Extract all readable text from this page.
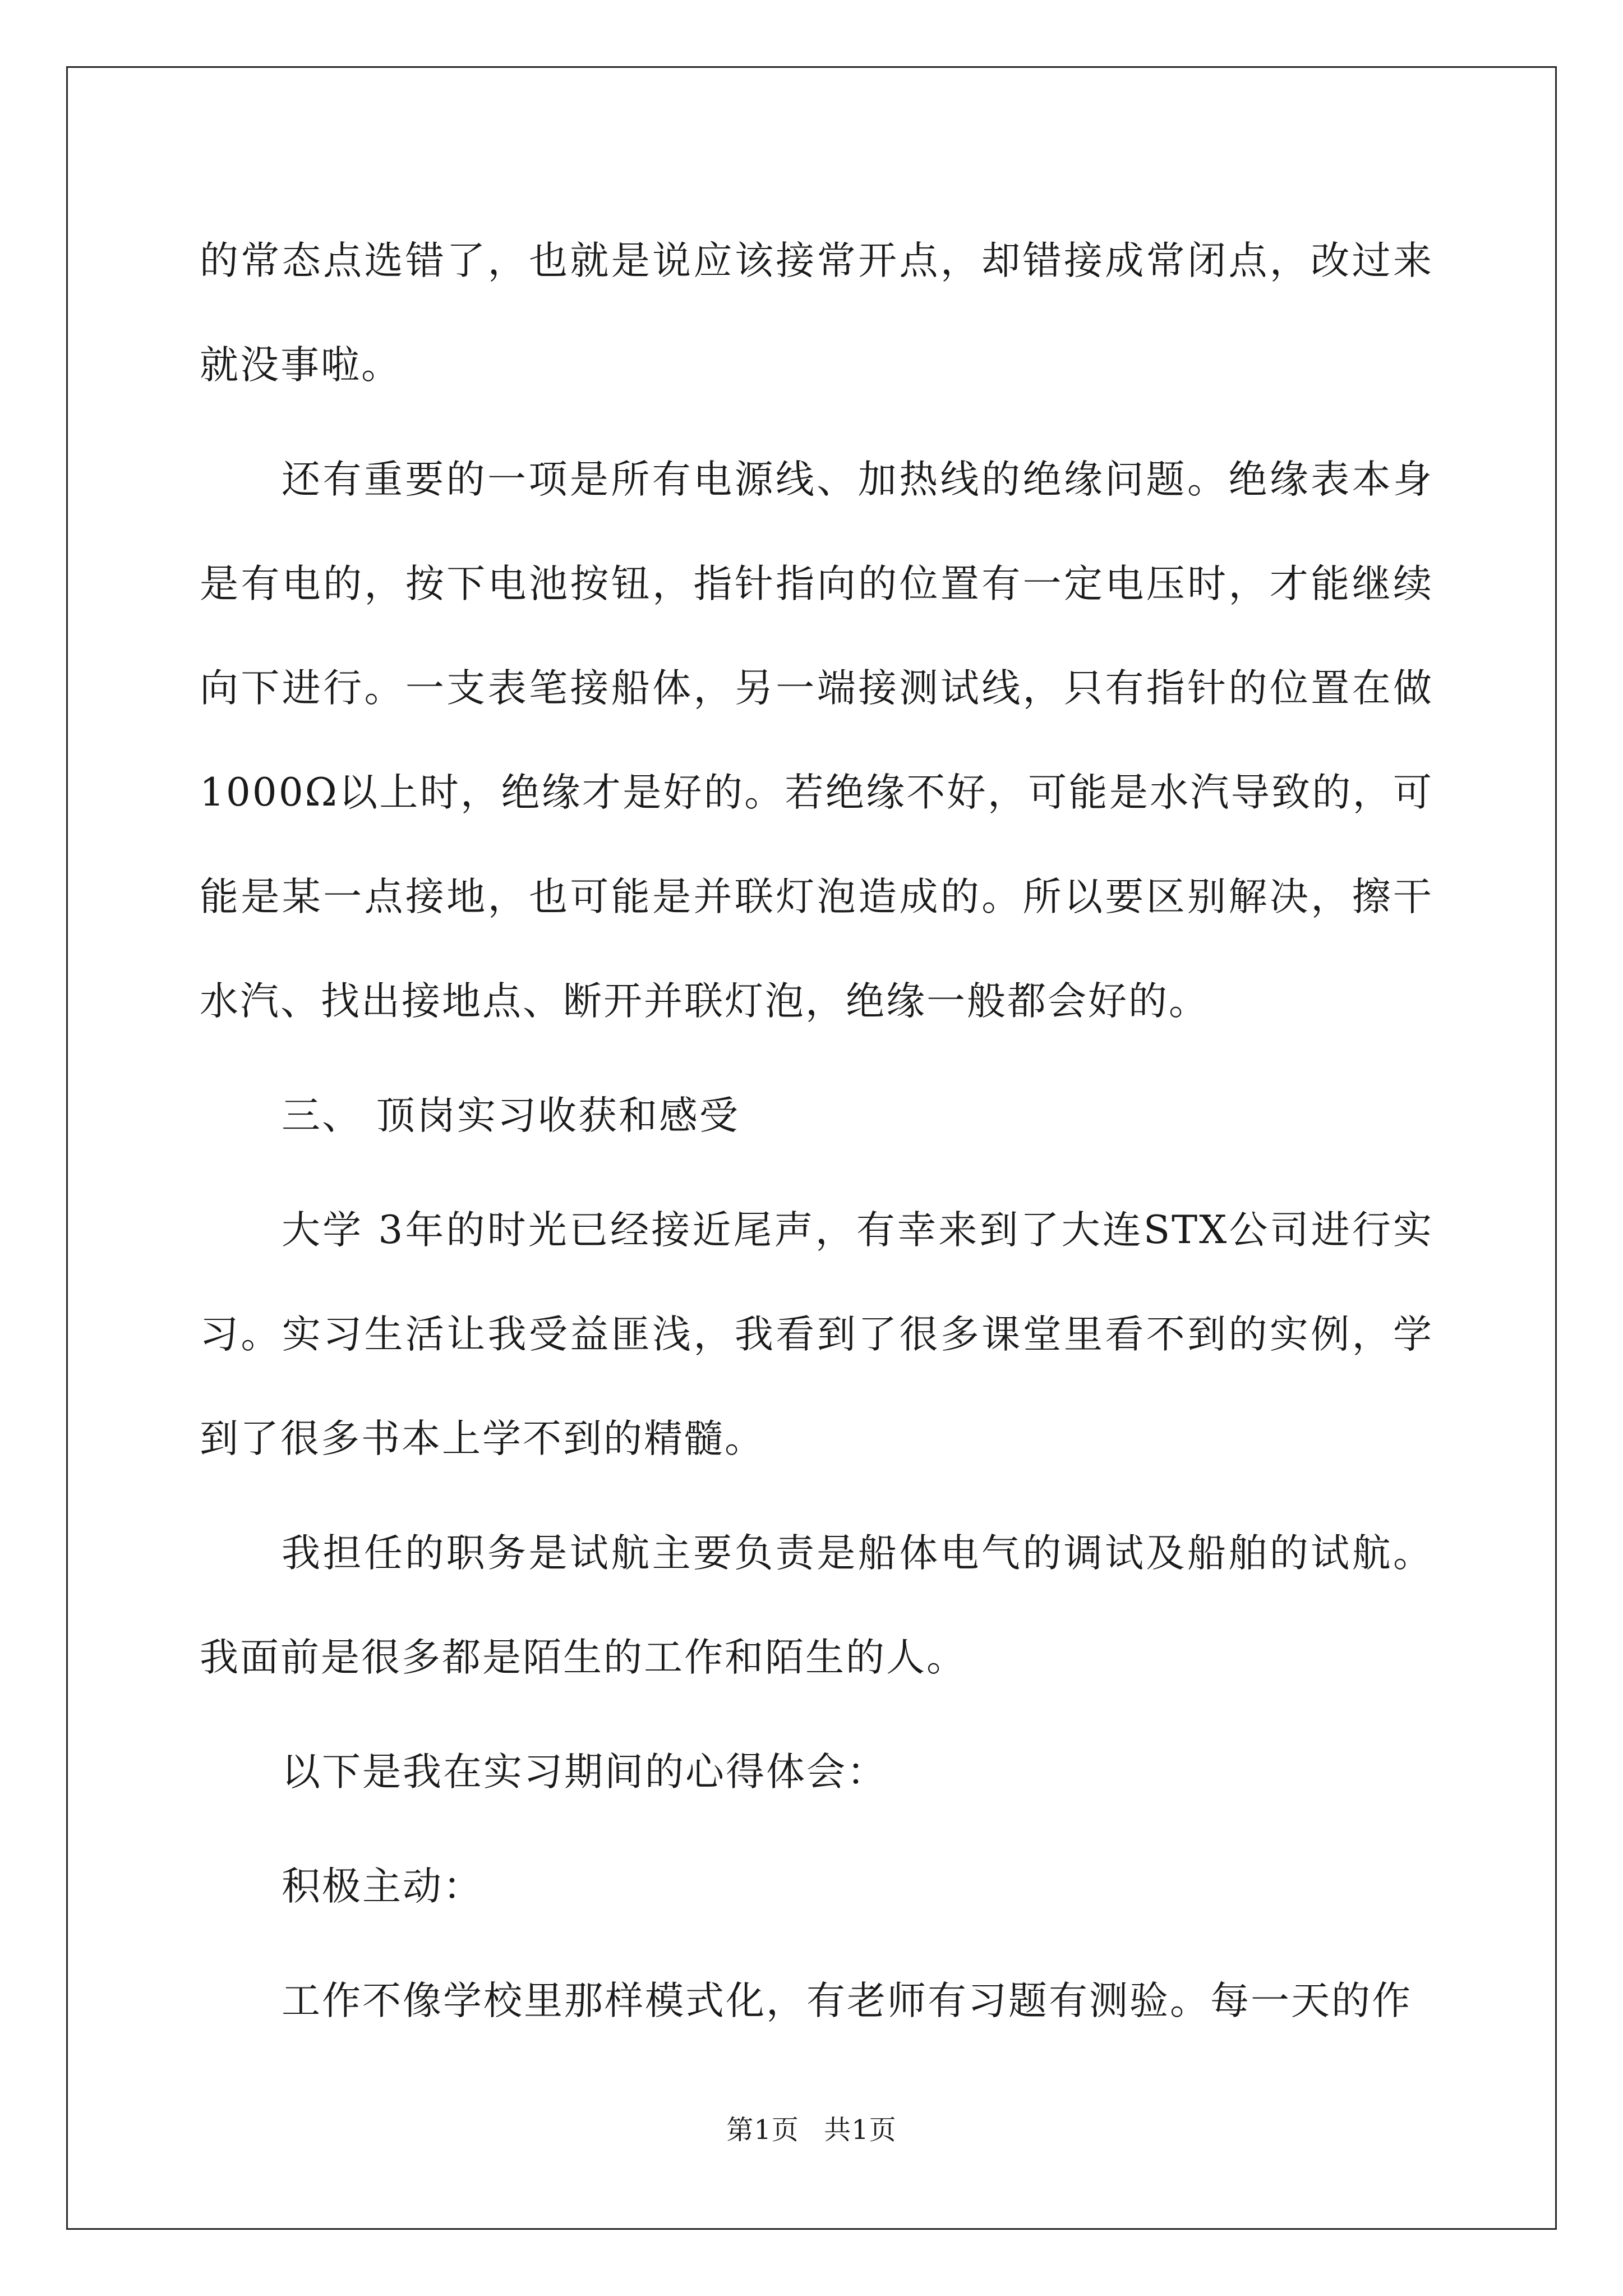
的常态点选错了，也就是说应该接常开点，却错接成常闭点，改过来就没事啦。

还有重要的一项是所有电源线、加热线的绝缘问题。绝缘表本身是有电的，按下电池按钮，指针指向的位置有一定电压时，才能继续向下进行。一支表笔接船体，另一端接测试线，只有指针的位置在做1000Ω以上时，绝缘才是好的。若绝缘不好，可能是水汽导致的，可能是某一点接地，也可能是并联灯泡造成的。所以要区别解决，擦干水汽、找出接地点、断开并联灯泡，绝缘一般都会好的。

三、 顶岗实习收获和感受

大学 3年的时光已经接近尾声，有幸来到了大连STX公司进行实习。实习生活让我受益匪浅，我看到了很多课堂里看不到的实例，学到了很多书本上学不到的精髓。

我担任的职务是试航主要负责是船体电气的调试及船舶的试航。我面前是很多都是陌生的工作和陌生的人。

以下是我在实习期间的心得体会：

积极主动：

工作不像学校里那样模式化，有老师有习题有测验。每一天的作

第1页 共1页
